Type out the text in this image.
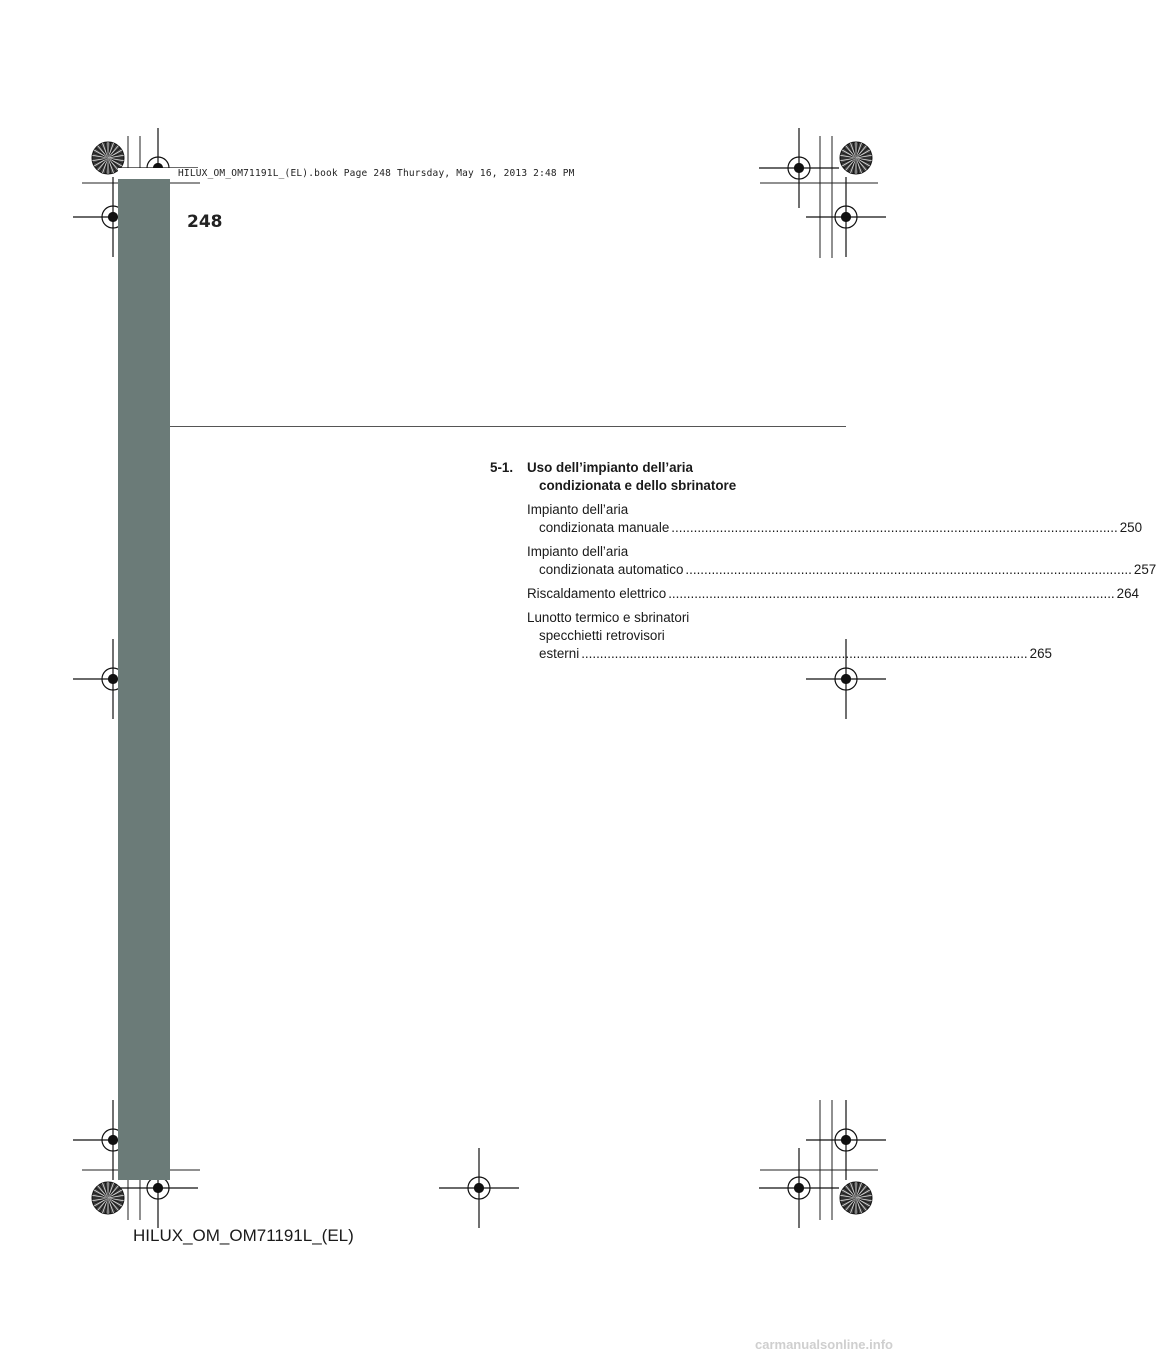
HILUX_OM_OM71191L_(EL).book Page 248 Thursday, May 16, 2013 2:48 PM
248
5-1.	Uso dell’impianto dell’aria
condizionata e dello sbrinatore
Impianto dell’aria
condizionata manuale ........................................................................................................................ 250
Impianto dell’aria
condizionata automatico ........................................................................................................................ 257
Riscaldamento elettrico ........................................................................................................................ 264
Lunotto termico e sbrinatori
specchietti retrovisori
esterni ........................................................................................................................ 265
HILUX_OM_OM71191L_(EL)
carmanualsonline.info
